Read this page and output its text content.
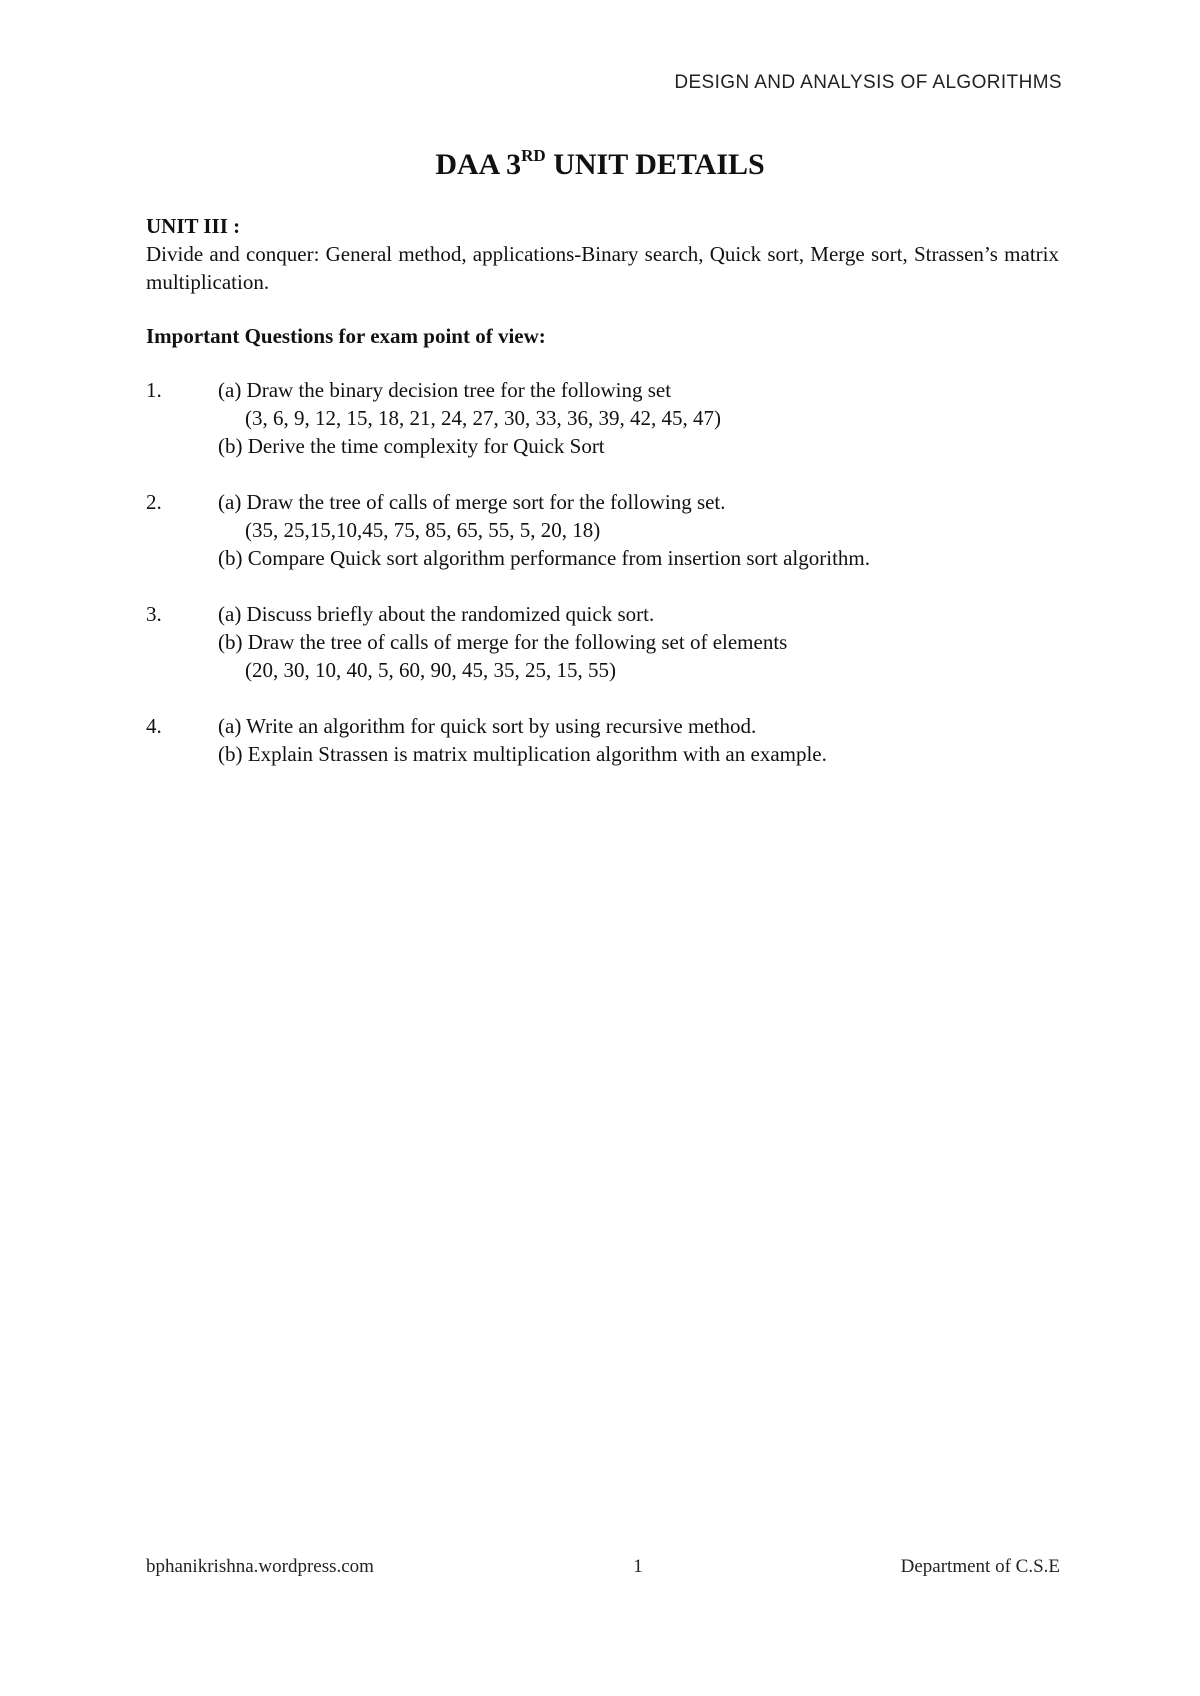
DESIGN AND ANALYSIS OF ALGORITHMS
DAA 3RD UNIT DETAILS

UNIT III :

Divide and conquer: General method, applications-Binary search, Quick sort, Merge sort, Strassen’s matrix multiplication.

Important Questions for exam point of view:

1.	(a) Draw the binary decision tree for the following set
(3, 6, 9, 12, 15, 18, 21, 24, 27, 30, 33, 36, 39, 42, 45, 47)
(b) Derive the time complexity for Quick Sort
2.	(a) Draw the tree of calls of merge sort for the following set.
(35, 25,15,10,45, 75, 85, 65, 55, 5, 20, 18)
(b) Compare Quick sort algorithm performance from insertion sort algorithm.
3.	(a) Discuss briefly about the randomized quick sort.
(b) Draw the tree of calls of merge for the following set of elements
(20, 30, 10, 40, 5, 60, 90, 45, 35, 25, 15, 55)
4.	(a) Write an algorithm for quick sort by using recursive method.
(b) Explain Strassen is matrix multiplication algorithm with an example.
bphanikrishna.wordpress.com	1	Department of C.S.E
